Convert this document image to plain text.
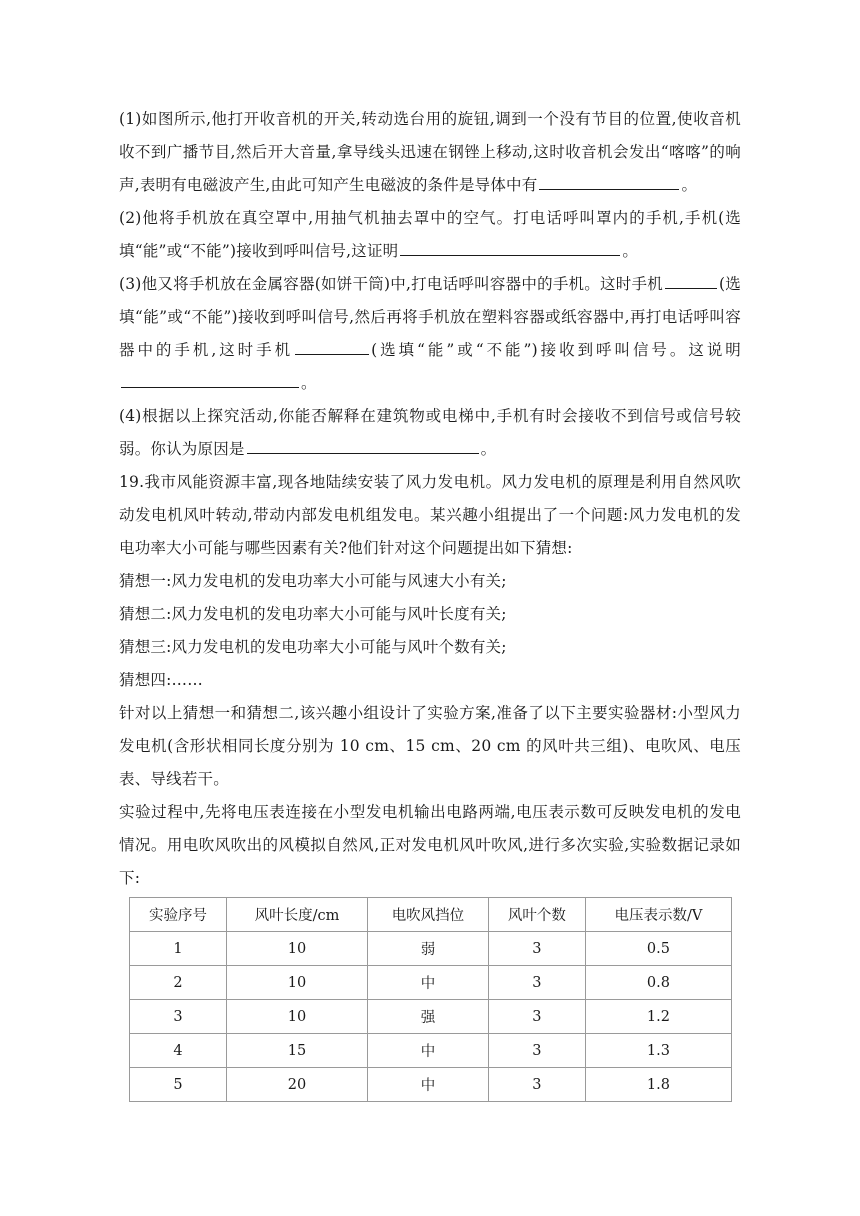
(1)如图所示,他打开收音机的开关,转动选台用的旋钮,调到一个没有节目的位置,使收音机收不到广播节目,然后开大音量,拿导线头迅速在钢锉上移动,这时收音机会发出“喀喀”的响声,表明有电磁波产生,由此可知产生电磁波的条件是导体中有	。

(2)他将手机放在真空罩中,用抽气机抽去罩中的空气。打电话呼叫罩内的手机,手机(选填“能”或“不能”)接收到呼叫信号,这证明	。

(3)他又将手机放在金属容器(如饼干筒)中,打电话呼叫容器中的手机。这时手机	(选填“能”或“不能”)接收到呼叫信号,然后再将手机放在塑料容器或纸容器中,再打电话呼叫容器中的手机,这时手机	(选填“能”或“不能”)接收到呼叫信号。这说明。

(4)根据以上探究活动,你能否解释在建筑物或电梯中,手机有时会接收不到信号或信号较弱。你认为原因是	。

19.我市风能资源丰富,现各地陆续安装了风力发电机。风力发电机的原理是利用自然风吹动发电机风叶转动,带动内部发电机组发电。某兴趣小组提出了一个问题:风力发电机的发电功率大小可能与哪些因素有关?他们针对这个问题提出如下猜想:

猜想一:风力发电机的发电功率大小可能与风速大小有关;

猜想二:风力发电机的发电功率大小可能与风叶长度有关;

猜想三:风力发电机的发电功率大小可能与风叶个数有关;

猜想四:……

针对以上猜想一和猜想二,该兴趣小组设计了实验方案,准备了以下主要实验器材:小型风力发电机(含形状相同长度分别为 10 cm、15 cm、20 cm 的风叶共三组)、电吹风、电压表、导线若干。

实验过程中,先将电压表连接在小型发电机输出电路两端,电压表示数可反映发电机的发电情况。用电吹风吹出的风模拟自然风,正对发电机风叶吹风,进行多次实验,实验数据记录如下:

实验序号	风叶长度/cm	电吹风挡位	风叶个数	电压表示数/V
1	10	弱	3	0.5
2	10	中	3	0.8
3	10	强	3	1.2
4	15	中	3	1.3
5	20	中	3	1.8
